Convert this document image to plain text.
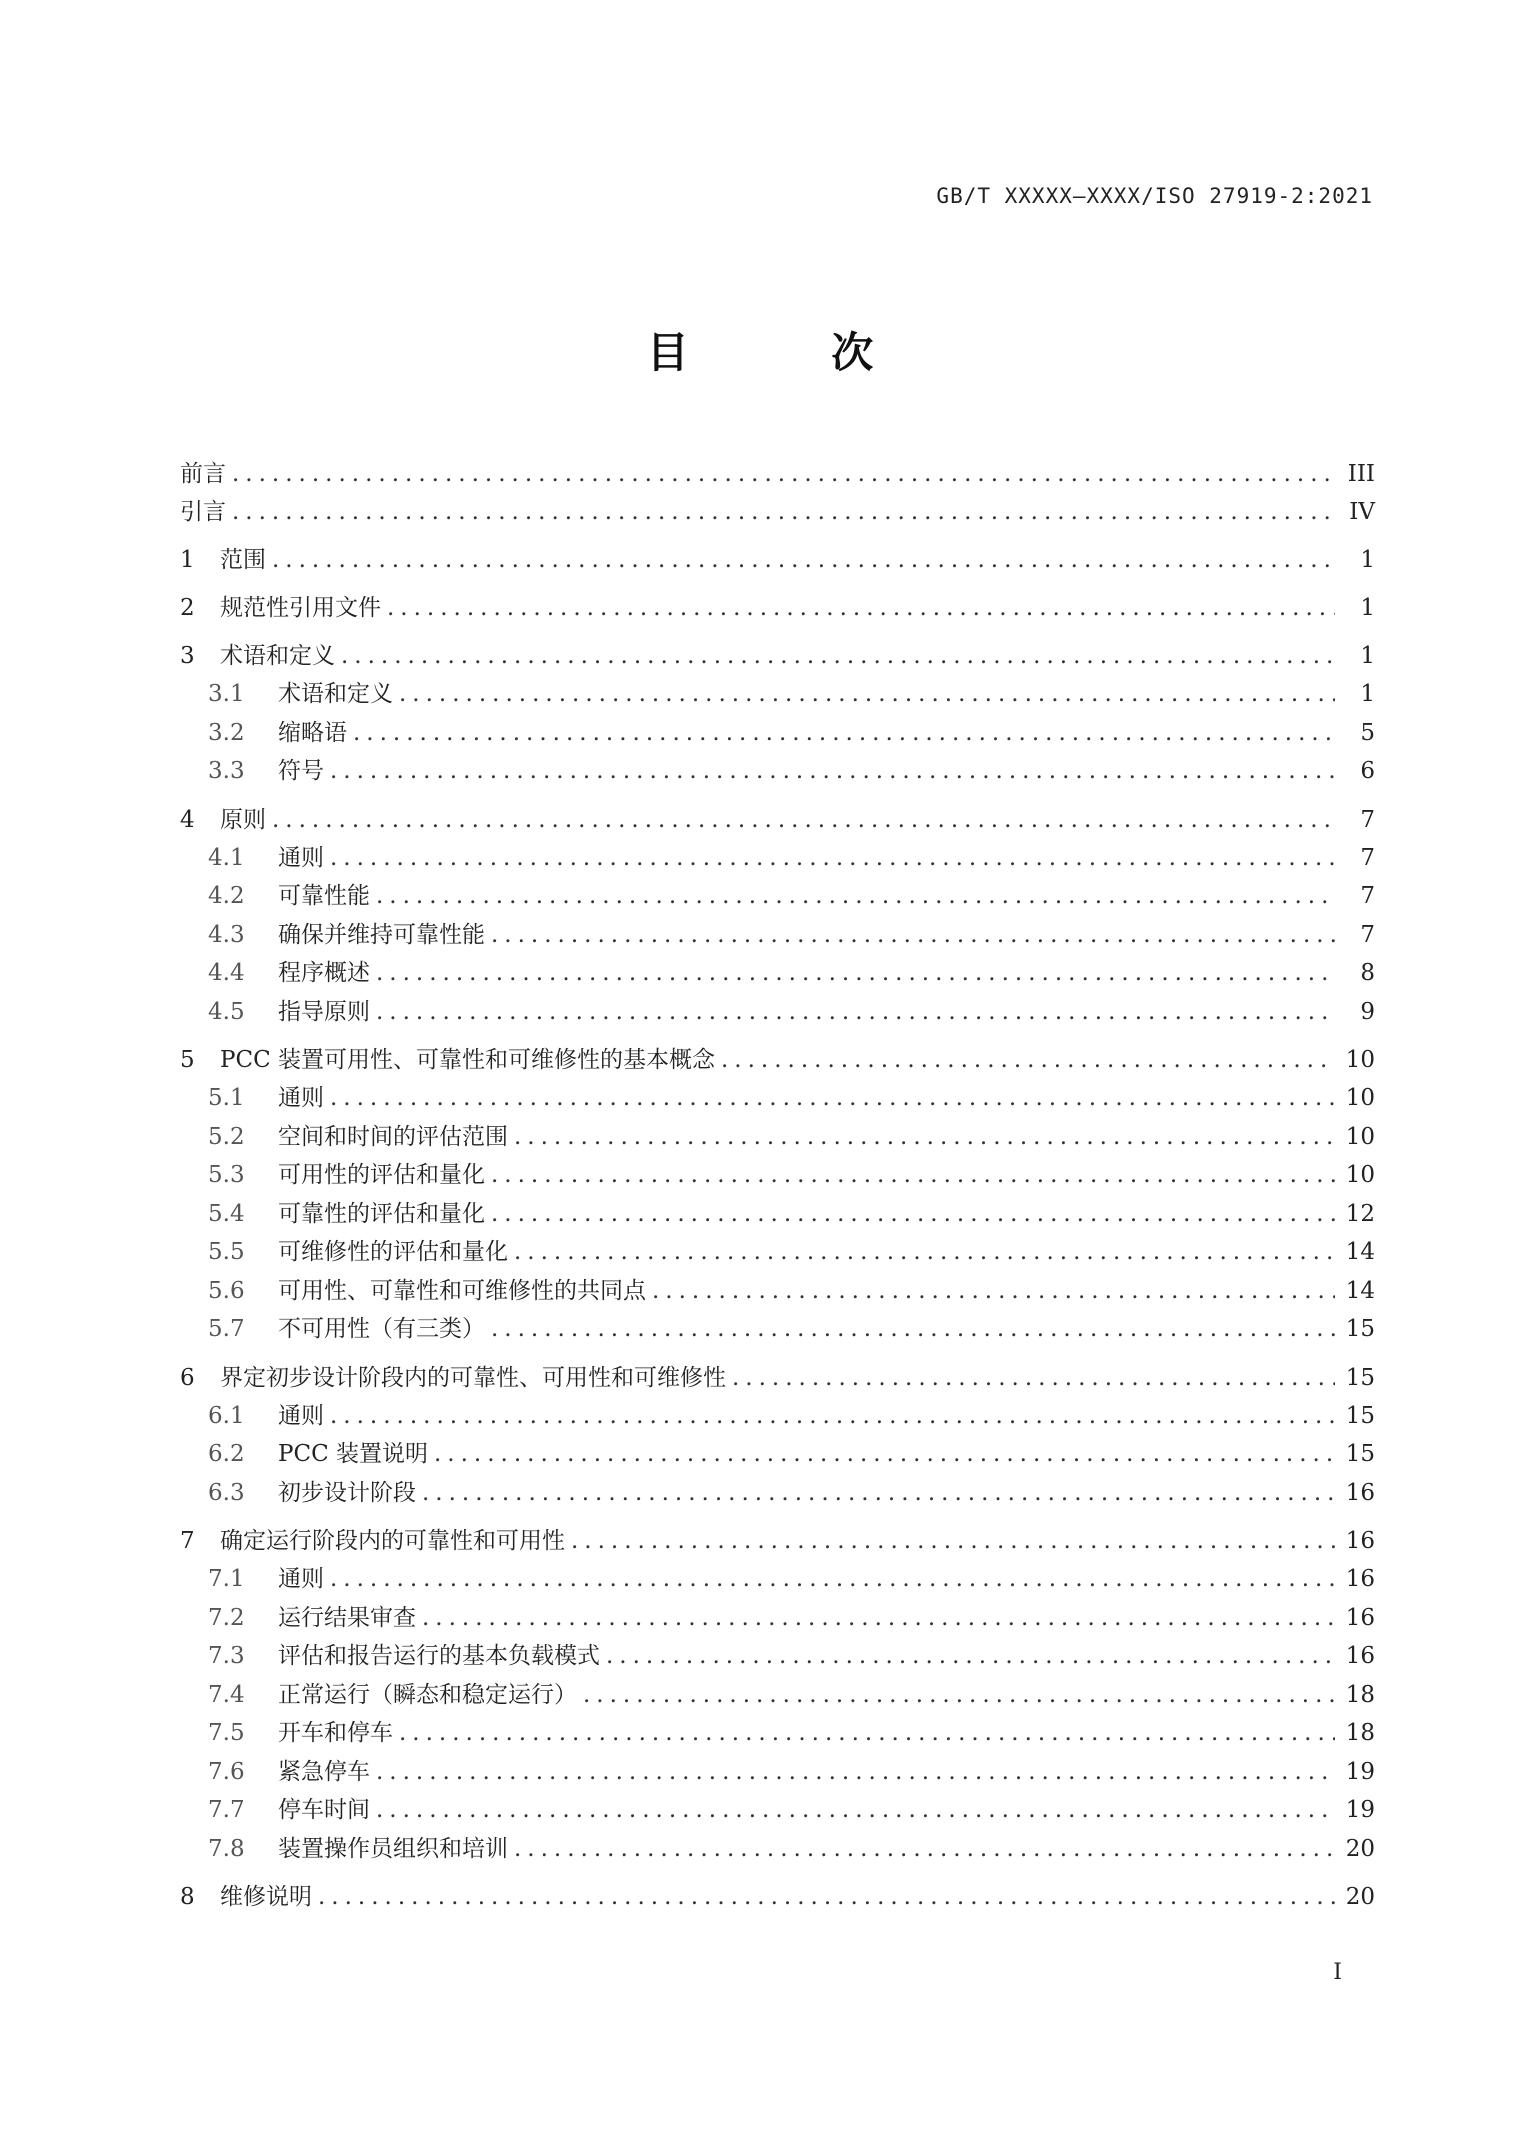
GB/T XXXXX—XXXX/ISO 27919-2:2021
目 次
前言 .....	III
引言 .....	IV
1	范围 .....	1
2	规范性引用文件 .....	1
3	术语和定义 .....	1
3.1	术语和定义 .....	1
3.2	缩略语 .....	5
3.3	符号 .....	6
4	原则 .....	7
4.1	通则 .....	7
4.2	可靠性能 .....	7
4.3	确保并维持可靠性能 .....	7
4.4	程序概述 .....	8
4.5	指导原则 .....	9
5	PCC 装置可用性、可靠性和可维修性的基本概念 .....	10
5.1	通则 .....	10
5.2	空间和时间的评估范围 .....	10
5.3	可用性的评估和量化 .....	10
5.4	可靠性的评估和量化 .....	12
5.5	可维修性的评估和量化 .....	14
5.6	可用性、可靠性和可维修性的共同点 .....	14
5.7	不可用性（有三类） .....	15
6	界定初步设计阶段内的可靠性、可用性和可维修性 .....	15
6.1	通则 .....	15
6.2	PCC 装置说明 .....	15
6.3	初步设计阶段 .....	16
7	确定运行阶段内的可靠性和可用性 .....	16
7.1	通则 .....	16
7.2	运行结果审查 .....	16
7.3	评估和报告运行的基本负载模式 .....	16
7.4	正常运行（瞬态和稳定运行） .....	18
7.5	开车和停车 .....	18
7.6	紧急停车 .....	19
7.7	停车时间 .....	19
7.8	装置操作员组织和培训 .....	20
8	维修说明 .....	20
I
